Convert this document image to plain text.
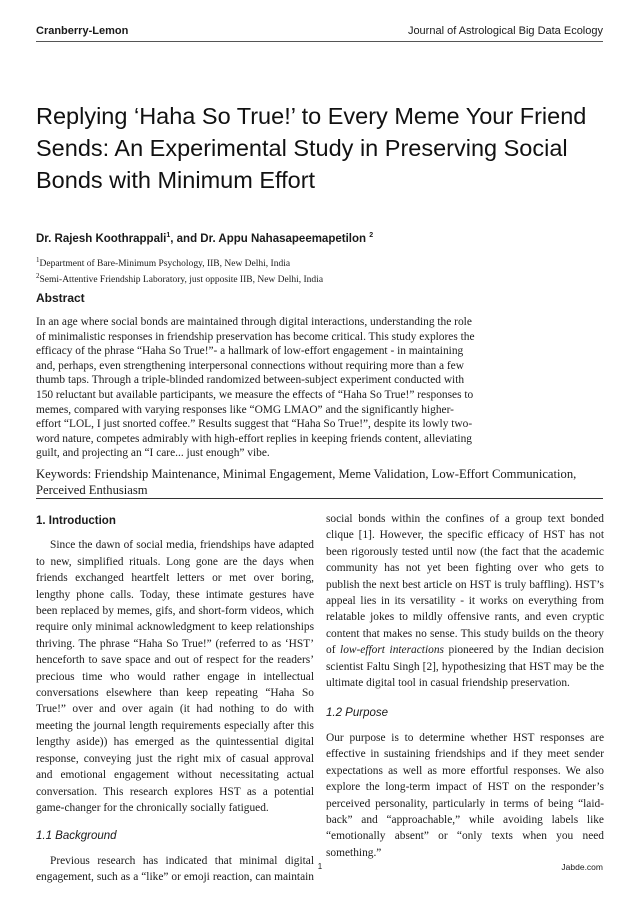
Cranberry-Lemon	Journal of Astrological Big Data Ecology
Replying ‘Haha So True!’ to Every Meme Your Friend Sends: An Experimental Study in Preserving Social Bonds with Minimum Effort
Dr. Rajesh Koothrappali$^1$, and Dr. Appu Nahasapeemapetilon $^2$
$^1$Department of Bare-Minimum Psychology, IIB, New Delhi, India
$^2$Semi-Attentive Friendship Laboratory, just opposite IIB, New Delhi, India
Abstract
In an age where social bonds are maintained through digital interactions, understanding the role of minimalistic responses in friendship preservation has become critical. This study explores the efficacy of the phrase “Haha So True!”- a hallmark of low-effort engagement - in maintaining and, perhaps, even strengthening interpersonal connections without requiring more than a few thumb taps. Through a triple-blinded randomized between-subject experiment conducted with 150 reluctant but available participants, we measure the effects of “Haha So True!” responses to memes, compared with varying responses like “OMG LMAO” and the significantly higher-effort “LOL, I just snorted coffee.” Results suggest that “Haha So True!”, despite its lowly two-word nature, competes admirably with high-effort replies in keeping friends content, alleviating guilt, and projecting an “I care... just enough” vibe.
Keywords: Friendship Maintenance, Minimal Engagement, Meme Validation, Low-Effort Communication, Perceived Enthusiasm
1. Introduction

Since the dawn of social media, friendships have adapted to new, simplified rituals. Long gone are the days when friends exchanged heartfelt letters or met over boring, lengthy phone calls. Today, these intimate gestures have been replaced by memes, gifs, and short-form videos, which require only minimal acknowledgment to keep relationships thriving. The phrase “Haha So True!” (referred to as ‘HST’ henceforth to save space and out of respect for the readers’ precious time who would rather engage in intellectual conversations elsewhere than keep repeating “Haha So True!” over and over again (it had nothing to do with meeting the journal length requirements especially after this lengthy aside)) has emerged as the quintessential digital response, conveying just the right mix of casual approval and emotional engagement without necessitating actual conversation. This research explores HST as a potential game-changer for the chronically socially fatigued.

1.1 Background

Previous research has indicated that minimal digital engagement, such as a “like” or emoji reaction, can maintain

social bonds within the confines of a group text bonded clique [1]. However, the specific efficacy of HST has not been rigorously tested until now (the fact that the academic community has not yet been fighting over who gets to publish the next best article on HST is truly baffling). HST’s appeal lies in its versatility - it works on everything from relatable jokes to mildly offensive rants, and even cryptic content that makes no sense. This study builds on the theory of low-effort interactions pioneered by the Indian decision scientist Faltu Singh [2], hypothesizing that HST may be the ultimate digital tool in casual friendship preservation.

1.2 Purpose

Our purpose is to determine whether HST responses are effective in sustaining friendships and if they meet sender expectations as well as more effortful responses. We also explore the long-term impact of HST on the responder’s perceived personality, particularly in terms of being “laid-back” and “approachable,” while avoiding labels like “emotionally absent” or “only texts when you need something.”

1	Jabde.com
